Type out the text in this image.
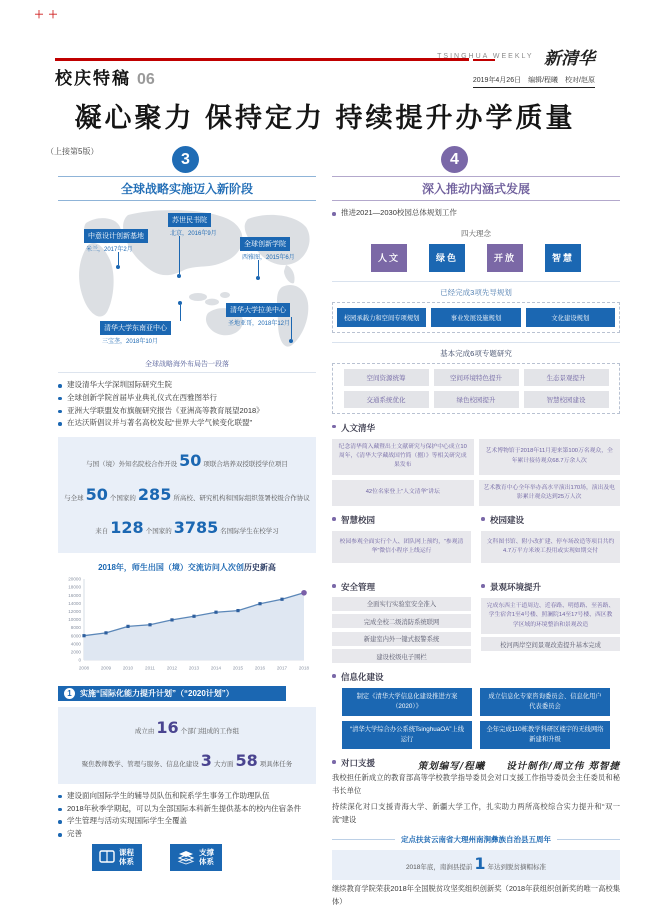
＋＋
校庆特稿 06
TSINGHUA WEEKLY 新清华
2019年4月26日　编辑/程曦　校对/赵原
凝心聚力 保持定力 持续提升办学质量
（上接第5版）	3	4
全球战略实施迈入新阶段
中意设计创新基地
米兰，2017年2月
苏世民书院
北京，2016年9月
全球创新学院
西雅图，2015年6月
清华大学东南亚中心
三宝垄，2018年10月
清华大学拉美中心
圣地亚哥，2018年12月
全球战略海外布局告一段落
建设清华大学深圳国际研究生院
全球创新学院首届毕业典礼仪式在西雅图举行
亚洲大学联盟发布旗舰研究报告《亚洲高等教育展望2018》
在达沃斯倡议并与著名高校发起“世界大学气候变化联盟”
与国（境）外知名院校合作开设 50 项联合培养双授联授学位项目
与全球 50 个国家的 285 所高校、研究机构和国际组织签署校级合作协议
来自 128 个国家的 3785 名国际学生在校学习
2018年，师生出国（境）交流访问人次创历史新高
0
2000
4000
6000
8000
10000
12000
14000
16000
18000
20000
2008	2009	2010	2011	2012	2013	2014	2015	2016	2017	2018
1	实施“国际化能力提升计划”（“2020计划”）
成立由 16 个部门组成的工作组
聚焦教师教学、管理与服务、信息化建设 3 大方面 58 项具体任务
建设面向国际学生的辅导员队伍和院系学生事务工作助理队伍
2018年秋季学期起，可以为全部国际本科新生提供基本的校内住宿条件
学生管理与活动实现国际学生全覆盖
完善
课程体系
支撑体系
深入推动内涵式发展
推进2021—2030校园总体规划工作
四大理念
人文	绿色	开放	智慧
已经完成3项先导规划
校园承载力和空间专项规划	事业发展设施规划	文化建设规划
基本完成6项专题研究
空间资源统筹	空间环境特色提升	生态景观提升
交通系统优化	绿色校园提升	智慧校园建设
人文清华
纪念清华简入藏暨出土文献研究与保护中心成立10周年，《清华大学藏战国竹简（捌）》等相关研究成果发布
艺术博物馆于2018年11月迎来第100万名观众，全年累计接待观众68.7万余人次
42位名家登上“人文清华”讲坛
艺术教育中心全年举办高水平演出170场，演出及电影累计观众达到25万人次
智慧校园
校园参观全面实行个人、团队网上预约，“参观清华”微信小程序上线运行
校园建设
文科图书馆、附小改扩建、停车场改造等项目共约4.7万平方米竣工投用或实现如期交付
安全管理
全面实行实验室安全准入
完成全校二级消防系统联网
新建室内外一键式报警系统
建设校级电子围栏
景观环境提升
完成东西主干道周边、近春路、明德路、至善路、学生宿舍1至4号楼、照澜院14至17号楼、西区教学区域的环境整治和景观改造
校河两岸空间景观改造提升基本完成
信息化建设
制定《清华大学信息化建设推进方案（2020）》
成立信息化专家咨询委员会、信息化用户代表委员会
“清华大学综合办公系统TsinghuaOA”上线运行
全年完成110栋教学科研区楼宇的无线网络新建和升级
对口支援
我校担任新成立的教育部高等学校教学指导委员会对口支援工作指导委员会主任委员和秘书长单位
持续深化对口支援青海大学、新疆大学工作，扎实助力两所高校综合实力提升和“双一流”建设
定点扶贫云南省大理州南涧彝族自治县五周年
2018年底，南涧县提前 1 年达到脱贫摘帽标准
继续教育学院荣获2018年全国脱贫攻坚奖组织创新奖（2018年获组织创新奖的唯一高校集体）
策划编写/程曦　　设计制作/周立伟 郑智捷
